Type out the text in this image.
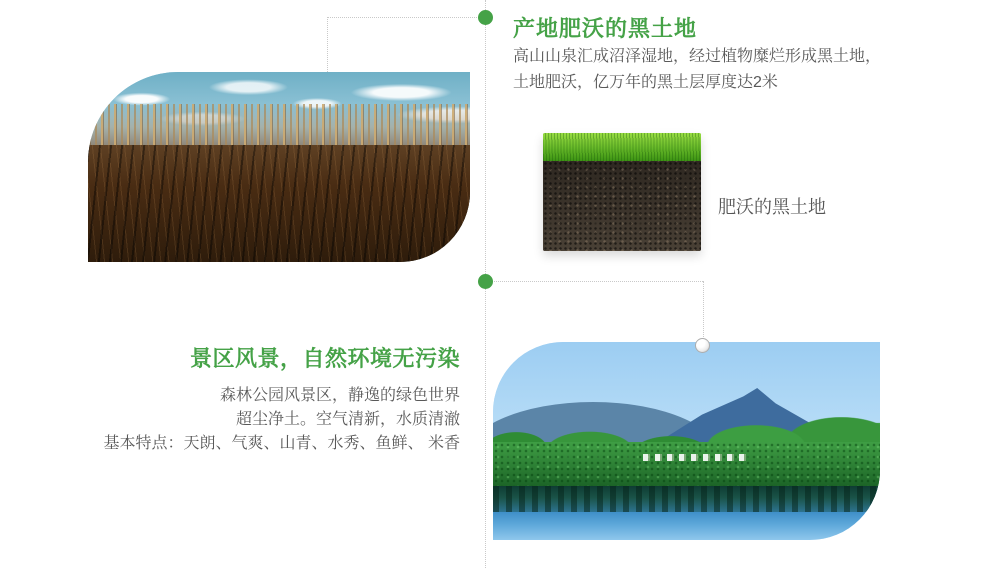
产地肥沃的黑土地
高山山泉汇成沼泽湿地，经过植物糜烂形成黑土地，
土地肥沃，亿万年的黑土层厚度达2米
肥沃的黑土地
景区风景，自然环境无污染
森林公园风景区，静逸的绿色世界
超尘净土。空气清新，水质清澈
基本特点：天朗、气爽、山青、水秀、鱼鲜、 米香
